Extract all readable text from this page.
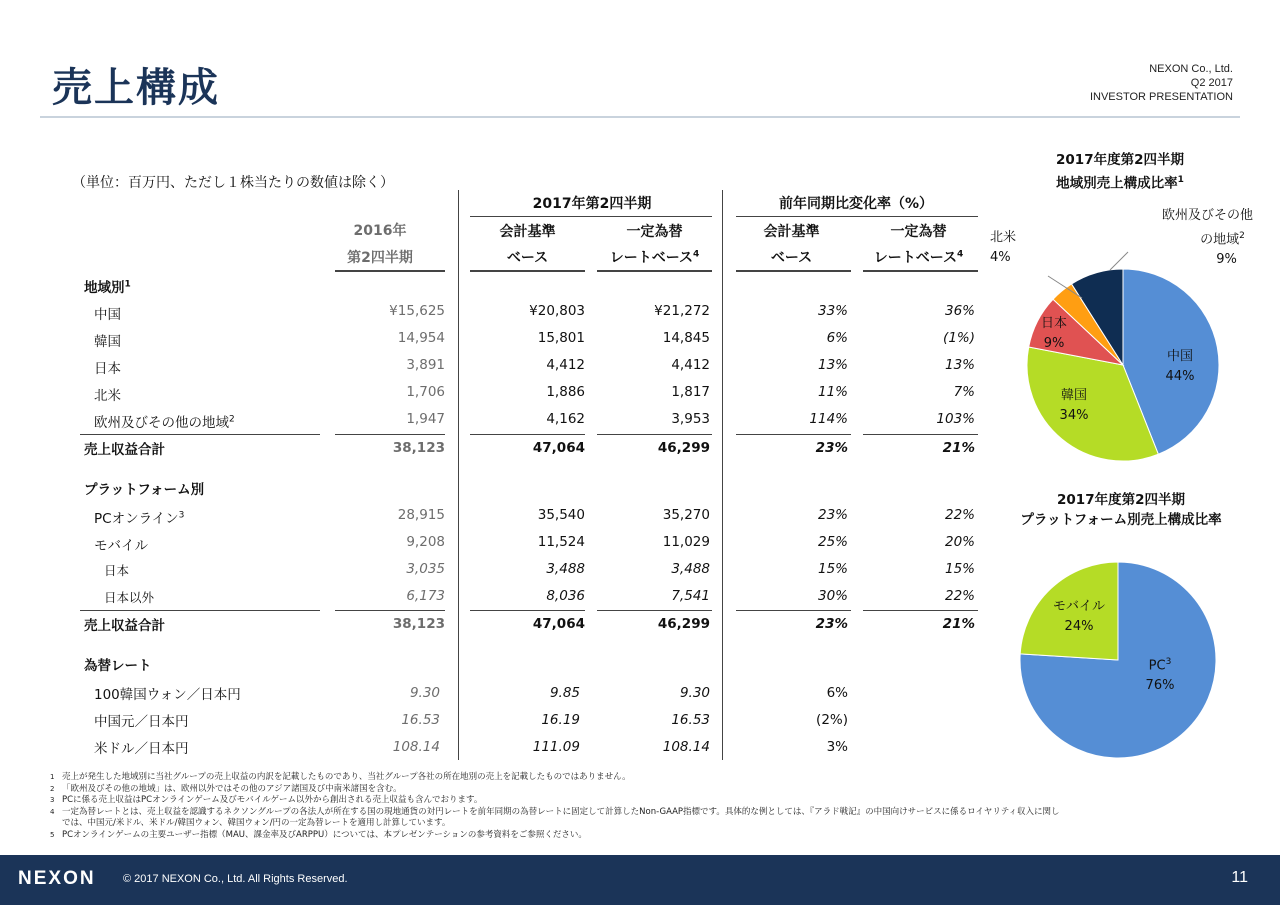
売上構成	NEXON Co., Ltd.
Q2 2017
INVESTOR PRESENTATION
（単位：百万円、ただし１株当たりの数値は除く）
2016年
第2四半期
2017年第2四半期
会計基準
ベース
一定為替
レートベース$^4$
前年同期比変化率（%）
会計基準
ベース
一定為替
レートベース$^4$
地域別$^1$
プラットフォーム別
為替レート
中国	¥15,625	¥20,803	¥21,272	33%	36%
韓国	14,954	15,801	14,845	6%	(1%)
日本	3,891	4,412	4,412	13%	13%
北米	1,706	1,886	1,817	11%	7%
欧州及びその他の地域$^2$	1,947	4,162	3,953	114%	103%
売上収益合計	38,123	47,064	46,299	23%	21%
PCオンライン$^3$	28,915	35,540	35,270	23%	22%
モバイル	9,208	11,524	11,029	25%	20%
日本	3,035	3,488	3,488	15%	15%
日本以外	6,173	8,036	7,541	30%	22%
売上収益合計	38,123	47,064	46,299	23%	21%
100韓国ウォン／日本円	9.30	9.85	9.30	6%
中国元／日本円	16.53	16.19	16.53	(2%)
米ドル／日本円	108.14	111.09	108.14	3%
2017年度第2四半期
地域別売上構成比率$^1$
中国
44%
韓国
34%
日本
9%
北米
4%
欧州及びその他
の地域$^2$
9%
2017年度第2四半期
プラットフォーム別売上構成比率
$PC^3$
76%
モバイル
24%
1 売上が発生した地域別に当社グループの売上収益の内訳を記載したものであり、当社グループ各社の所在地別の売上を記載したものではありません。
2 「欧州及びその他の地域」は、欧州以外ではその他のアジア諸国及び中南米諸国を含む。
3 PCに係る売上収益はPCオンラインゲーム及びモバイルゲーム以外から創出される売上収益も含んでおります。
4 一定為替レートとは、売上収益を認識するネクソングループの各法人が所在する国の現地通貨の対円レートを前年同期の為替レートに固定して計算したNon-GAAP指標です。具体的な例としては、『アラド戦記』の中国向けサービスに係るロイヤリティ収入に関し
では、中国元/米ドル、米ドル/韓国ウォン、韓国ウォン/円の一定為替レートを適用し計算しています。
5 PCオンラインゲームの主要ユーザー指標（MAU、課金率及びARPPU）については、本プレゼンテーションの参考資料をご参照ください。
NEXON © 2017 NEXON Co., Ltd. All Rights Reserved.	11
